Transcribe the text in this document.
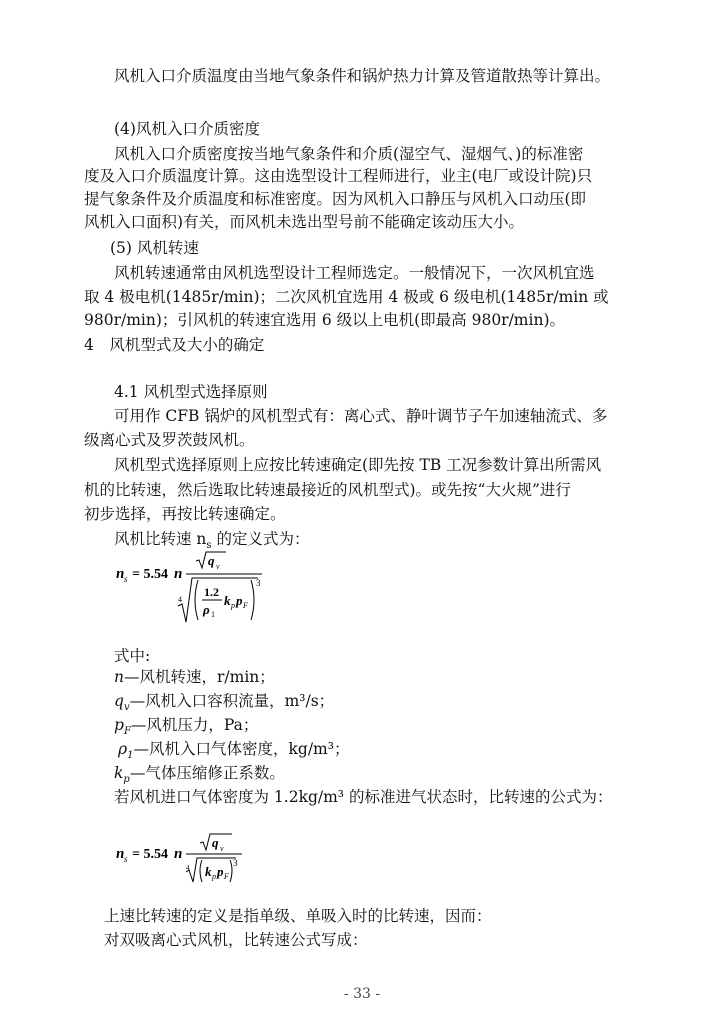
风机入口介质温度由当地气象条件和锅炉热力计算及管道散热等计算出。
(4)风机入口介质密度
风机入口介质密度按当地气象条件和介质(湿空气、湿烟气、)的标准密
度及入口介质温度计算。这由选型设计工程师进行，业主(电厂或设计院)只
提气象条件及介质温度和标准密度。因为风机入口静压与风机入口动压(即
风机入口面积)有关，而风机未选出型号前不能确定该动压大小。
(5) 风机转速
风机转速通常由风机选型设计工程师选定。一般情况下，一次风机宜选
取 4 极电机(1485r/min)；二次风机宜选用 4 极或 6 级电机(1485r/min 或
980r/min)；引风机的转速宜选用 6 级以上电机(即最高 980r/min)。
4　风机型式及大小的确定
4.1 风机型式选择原则
可用作 CFB 锅炉的风机型式有：离心式、静叶调节子午加速轴流式、多
级离心式及罗茨鼓风机。
风机型式选择原则上应按比转速确定(即先按 TB 工况参数计算出所需风
机的比转速，然后选取比转速最接近的风机型式)。或先按“大火规”进行
初步选择，再按比转速确定。
风机比转速 $n_s$ 的定义式为：
n s = 5.54 n
q v
4
1.2
ρ 1
k p p F
3
式中:
n—风机转速，r/min；
$q_v—$风机入口容积流量，m³/s；
$p_F—$风机压力，Pa；
$\rho_1—$风机入口气体密度，kg/m³；
$k_p—$气体压缩修正系数。
若风机进口气体密度为 1.2kg/m³ 的标准进气状态时，比转速的公式为：
n s = 5.54 n
q v
4 k p p F
3
上速比转速的定义是指单级、单吸入时的比转速，因而：
对双吸离心式风机，比转速公式写成：
- 33 -
